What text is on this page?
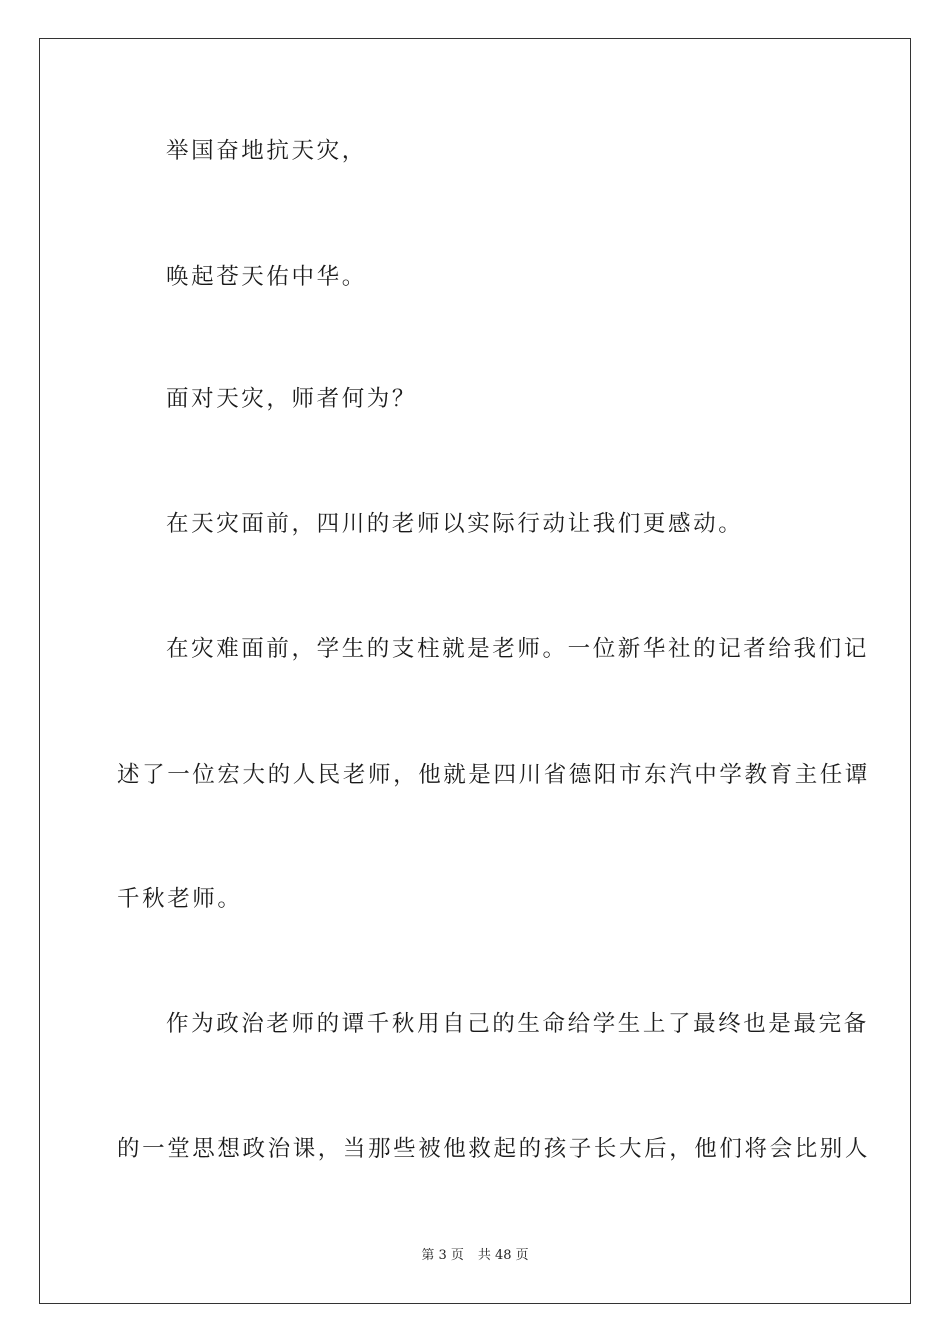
举国奋地抗天灾，
唤起苍天佑中华。
面对天灾，师者何为？
在天灾面前，四川的老师以实际行动让我们更感动。
在灾难面前，学生的支柱就是老师。一位新华社的记者给我们记
述了一位宏大的人民老师，他就是四川省德阳市东汽中学教育主任谭
千秋老师。
作为政治老师的谭千秋用自己的生命给学生上了最终也是最完备
的一堂思想政治课，当那些被他救起的孩子长大后，他们将会比别人
第 3 页 共 48 页
